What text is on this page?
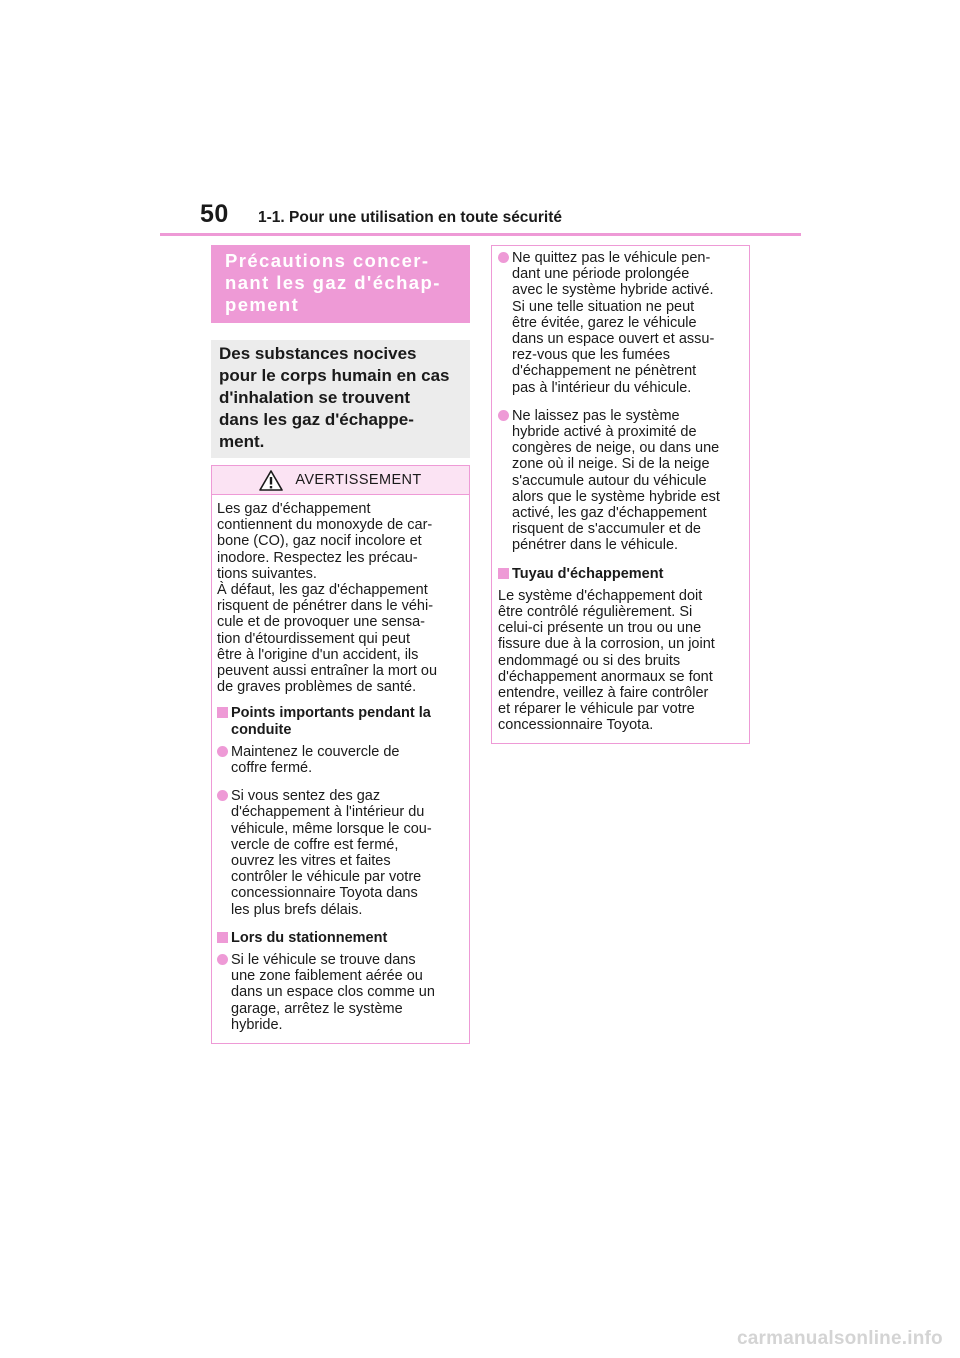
50 1-1. Pour une utilisation en toute sécurité
Précautions concer-
nant les gaz d'échap-
pement
Des substances nocives
pour le corps humain en cas
d'inhalation se trouvent
dans les gaz d'échappe-
ment.
AVERTISSEMENT
Les gaz d'échappement
contiennent du monoxyde de car-
bone (CO), gaz nocif incolore et
inodore. Respectez les précau-
tions suivantes.
À défaut, les gaz d'échappement
risquent de pénétrer dans le véhi-
cule et de provoquer une sensa-
tion d'étourdissement qui peut
être à l'origine d'un accident, ils
peuvent aussi entraîner la mort ou
de graves problèmes de santé.
Points importants pendant la
conduite
Maintenez le couvercle de
coffre fermé.
Si vous sentez des gaz
d'échappement à l'intérieur du
véhicule, même lorsque le cou-
vercle de coffre est fermé,
ouvrez les vitres et faites
contrôler le véhicule par votre
concessionnaire Toyota dans
les plus brefs délais.
Lors du stationnement
Si le véhicule se trouve dans
une zone faiblement aérée ou
dans un espace clos comme un
garage, arrêtez le système
hybride.
Ne quittez pas le véhicule pen-
dant une période prolongée
avec le système hybride activé.
Si une telle situation ne peut
être évitée, garez le véhicule
dans un espace ouvert et assu-
rez-vous que les fumées
d'échappement ne pénètrent
pas à l'intérieur du véhicule.
Ne laissez pas le système
hybride activé à proximité de
congères de neige, ou dans une
zone où il neige. Si de la neige
s'accumule autour du véhicule
alors que le système hybride est
activé, les gaz d'échappement
risquent de s'accumuler et de
pénétrer dans le véhicule.
Tuyau d'échappement
Le système d'échappement doit
être contrôlé régulièrement. Si
celui-ci présente un trou ou une
fissure due à la corrosion, un joint
endommagé ou si des bruits
d'échappement anormaux se font
entendre, veillez à faire contrôler
et réparer le véhicule par votre
concessionnaire Toyota.
carmanualsonline.info
